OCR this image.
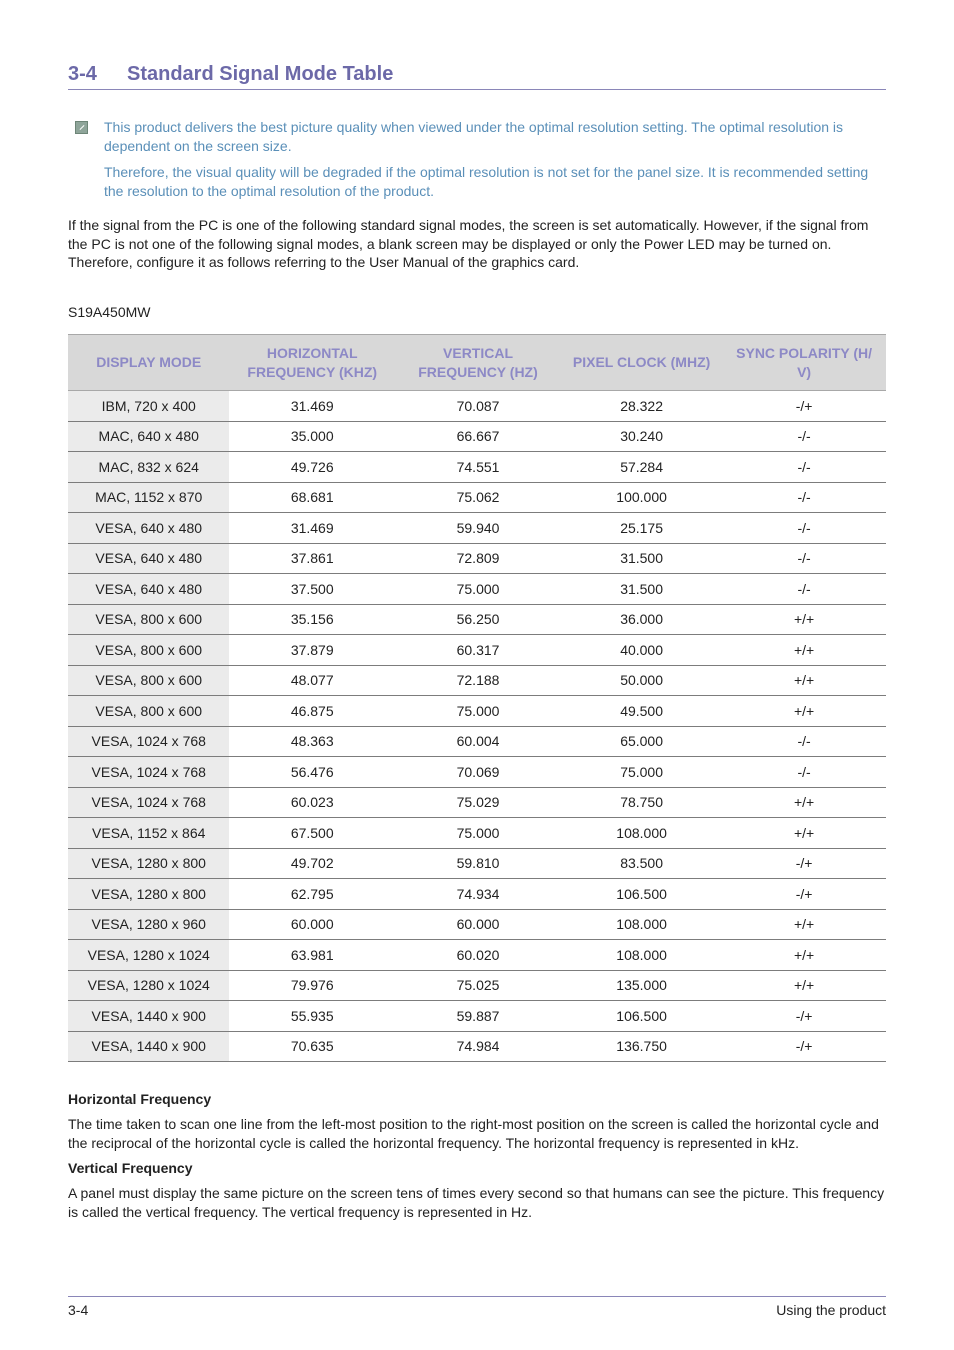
3-4	Standard Signal Mode Table

This product delivers the best picture quality when viewed under the optimal resolution setting. The optimal resolution is dependent on the screen size.

Therefore, the visual quality will be degraded if the optimal resolution is not set for the panel size. It is recommended setting the resolution to the optimal resolution of the product.

If the signal from the PC is one of the following standard signal modes, the screen is set automatically. However, if the signal from the PC is not one of the following signal modes, a blank screen may be displayed or only the Power LED may be turned on. Therefore, configure it as follows referring to the User Manual of the graphics card.

S19A450MW
DISPLAY MODE	HORIZONTAL FREQUENCY (KHZ)	VERTICAL FREQUENCY (HZ)	PIXEL CLOCK (MHZ)	SYNC POLARITY (H/ V)
IBM, 720 x 400	31.469	70.087	28.322	-/+
MAC, 640 x 480	35.000	66.667	30.240	-/-
MAC, 832 x 624	49.726	74.551	57.284	-/-
MAC, 1152 x 870	68.681	75.062	100.000	-/-
VESA, 640 x 480	31.469	59.940	25.175	-/-
VESA, 640 x 480	37.861	72.809	31.500	-/-
VESA, 640 x 480	37.500	75.000	31.500	-/-
VESA, 800 x 600	35.156	56.250	36.000	+/+
VESA, 800 x 600	37.879	60.317	40.000	+/+
VESA, 800 x 600	48.077	72.188	50.000	+/+
VESA, 800 x 600	46.875	75.000	49.500	+/+
VESA, 1024 x 768	48.363	60.004	65.000	-/-
VESA, 1024 x 768	56.476	70.069	75.000	-/-
VESA, 1024 x 768	60.023	75.029	78.750	+/+
VESA, 1152 x 864	67.500	75.000	108.000	+/+
VESA, 1280 x 800	49.702	59.810	83.500	-/+
VESA, 1280 x 800	62.795	74.934	106.500	-/+
VESA, 1280 x 960	60.000	60.000	108.000	+/+
VESA, 1280 x 1024	63.981	60.020	108.000	+/+
VESA, 1280 x 1024	79.976	75.025	135.000	+/+
VESA, 1440 x 900	55.935	59.887	106.500	-/+
VESA, 1440 x 900	70.635	74.984	136.750	-/+
Horizontal Frequency

The time taken to scan one line from the left-most position to the right-most position on the screen is called the horizontal cycle and the reciprocal of the horizontal cycle is called the horizontal frequency. The horizontal frequency is represented in kHz.

Vertical Frequency

A panel must display the same picture on the screen tens of times every second so that humans can see the picture. This frequency is called the vertical frequency. The vertical frequency is represented in Hz.

3-4	Using the product
